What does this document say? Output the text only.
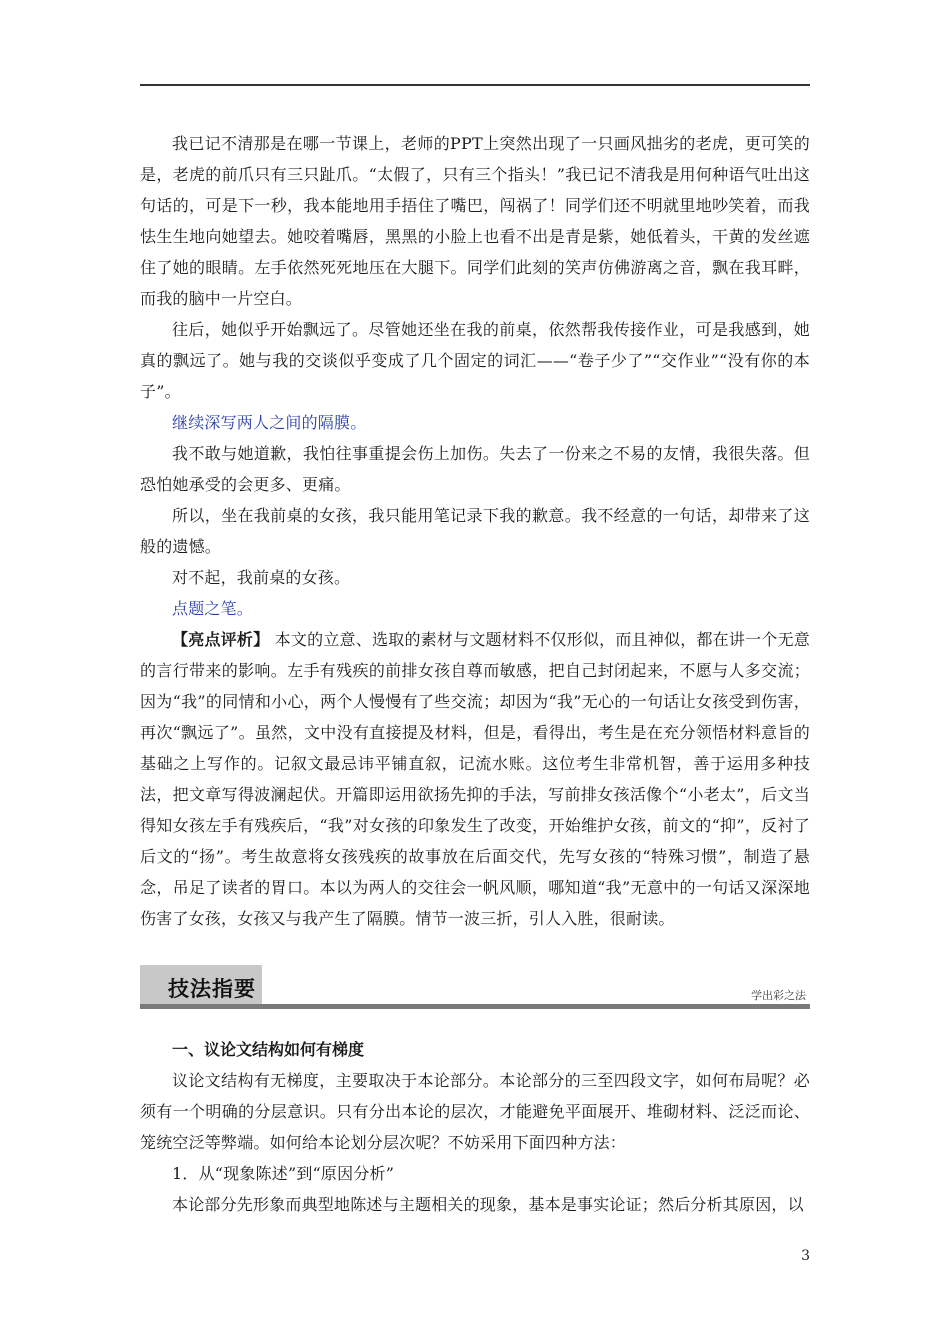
我已记不清那是在哪一节课上，老师的PPT上突然出现了一只画风拙劣的老虎，更可笑的是，老虎的前爪只有三只趾爪。“太假了，只有三个指头！”我已记不清我是用何种语气吐出这句话的，可是下一秒，我本能地用手捂住了嘴巴，闯祸了！同学们还不明就里地吵笑着，而我怯生生地向她望去。她咬着嘴唇，黑黑的小脸上也看不出是青是紫，她低着头，干黄的发丝遮住了她的眼睛。左手依然死死地压在大腿下。同学们此刻的笑声仿佛游离之音，飘在我耳畔，而我的脑中一片空白。

往后，她似乎开始飘远了。尽管她还坐在我的前桌，依然帮我传接作业，可是我感到，她真的飘远了。她与我的交谈似乎变成了几个固定的词汇——“卷子少了”“交作业”“没有你的本子”。

继续深写两人之间的隔膜。

我不敢与她道歉，我怕往事重提会伤上加伤。失去了一份来之不易的友情，我很失落。但恐怕她承受的会更多、更痛。

所以，坐在我前桌的女孩，我只能用笔记录下我的歉意。我不经意的一句话，却带来了这般的遗憾。

对不起，我前桌的女孩。

点题之笔。

【亮点评析】 本文的立意、选取的素材与文题材料不仅形似，而且神似，都在讲一个无意的言行带来的影响。左手有残疾的前排女孩自尊而敏感，把自己封闭起来，不愿与人多交流；因为“我”的同情和小心，两个人慢慢有了些交流；却因为“我”无心的一句话让女孩受到伤害，再次“飘远了”。虽然，文中没有直接提及材料，但是，看得出，考生是在充分领悟材料意旨的基础之上写作的。记叙文最忌讳平铺直叙，记流水账。这位考生非常机智，善于运用多种技法，把文章写得波澜起伏。开篇即运用欲扬先抑的手法，写前排女孩活像个“小老太”，后文当得知女孩左手有残疾后，“我”对女孩的印象发生了改变，开始维护女孩，前文的“抑”，反衬了后文的“扬”。考生故意将女孩残疾的故事放在后面交代，先写女孩的“特殊习惯”，制造了悬念，吊足了读者的胃口。本以为两人的交往会一帆风顺，哪知道“我”无意中的一句话又深深地伤害了女孩，女孩又与我产生了隔膜。情节一波三折，引人入胜，很耐读。

技法指要	学出彩之法

一、议论文结构如何有梯度

议论文结构有无梯度，主要取决于本论部分。本论部分的三至四段文字，如何布局呢？必须有一个明确的分层意识。只有分出本论的层次，才能避免平面展开、堆砌材料、泛泛而论、笼统空泛等弊端。如何给本论划分层次呢？不妨采用下面四种方法：

1．从“现象陈述”到“原因分析”

本论部分先形象而典型地陈述与主题相关的现象，基本是事实论证；然后分析其原因，以

3
